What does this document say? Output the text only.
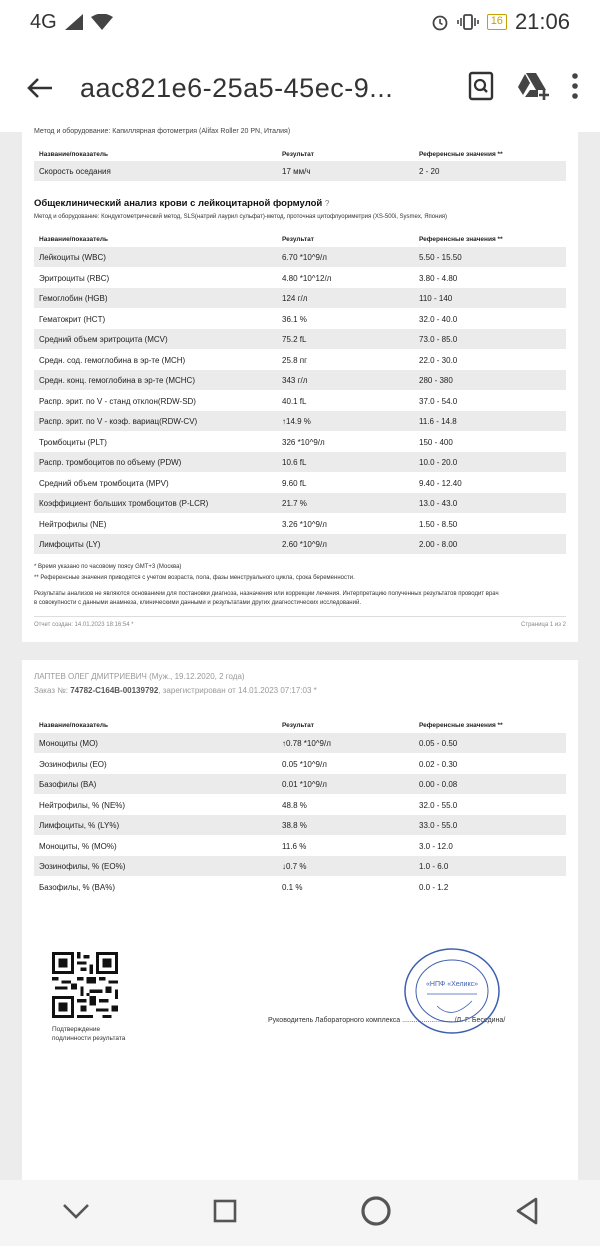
4G	16 21:06
aac821e6-25a5-45ec-9...
Метод и оборудование: Капиллярная фотометрия (Alifax Roller 20 PN, Италия)
Название/показатель	Результат	Референсные значения **
Скорость оседания	17 мм/ч	2 - 20
Общеклинический анализ крови с лейкоцитарной формулой ?
Метод и оборудование: Кондуктометрический метод, SLS(натрий лаурил сульфат)-метод, проточная цитофлуориметрия (XS-500i, Sysmex, Япония)
Название/показатель	Результат	Референсные значения **
Лейкоциты (WBC)	6.70 *10^9/л	5.50 - 15.50
Эритроциты (RBC)	4.80 *10^12/л	3.80 - 4.80
Гемоглобин (HGB)	124 г/л	110 - 140
Гематокрит (HCT)	36.1 %	32.0 - 40.0
Средний объем эритроцита (MCV)	75.2 fL	73.0 - 85.0
Средн. сод. гемоглобина в эр-те (MCH)	25.8 пг	22.0 - 30.0
Средн. конц. гемоглобина в эр-те (MCHC)	343 г/л	280 - 380
Распр. эрит. по V - станд отклон(RDW-SD)	40.1 fL	37.0 - 54.0
Распр. эрит. по V - коэф. вариац(RDW-CV)	↑14.9 %	11.6 - 14.8
Тромбоциты (PLT)	326 *10^9/л	150 - 400
Распр. тромбоцитов по объему (PDW)	10.6 fL	10.0 - 20.0
Средний объем тромбоцита (MPV)	9.60 fL	9.40 - 12.40
Коэффициент больших тромбоцитов (P-LCR)	21.7 %	13.0 - 43.0
Нейтрофилы (NE)	3.26 *10^9/л	1.50 - 8.50
Лимфоциты (LY)	2.60 *10^9/л	2.00 - 8.00
* Время указано по часовому поясу GMT+3 (Москва)
** Референсные значения приводятся с учетом возраста, пола, фазы менструального цикла, срока беременности.
Результаты анализов не являются основанием для постановки диагноза, назначения или коррекции лечения. Интерпретацию полученных результатов проводит врач
в совокупности с данными анамнеза, клиническими данными и результатами других диагностических исследований.
Отчет создан: 14.01.2023 18:16:54 *	Страница 1 из 2
ЛАПТЕВ ОЛЕГ ДМИТРИЕВИЧ (Муж., 19.12.2020, 2 года)
Заказ №: 74782-C164B-00139792, зарегистрирован от 14.01.2023 07:17:03 *
Название/показатель	Результат	Референсные значения **
Моноциты (MO)	↑0.78 *10^9/л	0.05 - 0.50
Эозинофилы (EO)	0.05 *10^9/л	0.02 - 0.30
Базофилы (BA)	0.01 *10^9/л	0.00 - 0.08
Нейтрофилы, % (NE%)	48.8 %	32.0 - 55.0
Лимфоциты, % (LY%)	38.8 %	33.0 - 55.0
Моноциты, % (MO%)	11.6 %	3.0 - 12.0
Эозинофилы, % (EO%)	↓0.7 %	1.0 - 6.0
Базофилы, % (BA%)	0.1 %	0.0 - 1.2
Подтверждение
подлинности результата
Руководитель Лабораторного комплекса .......................... /Л. Г. Беседина/
«НПФ «Хеликс»
